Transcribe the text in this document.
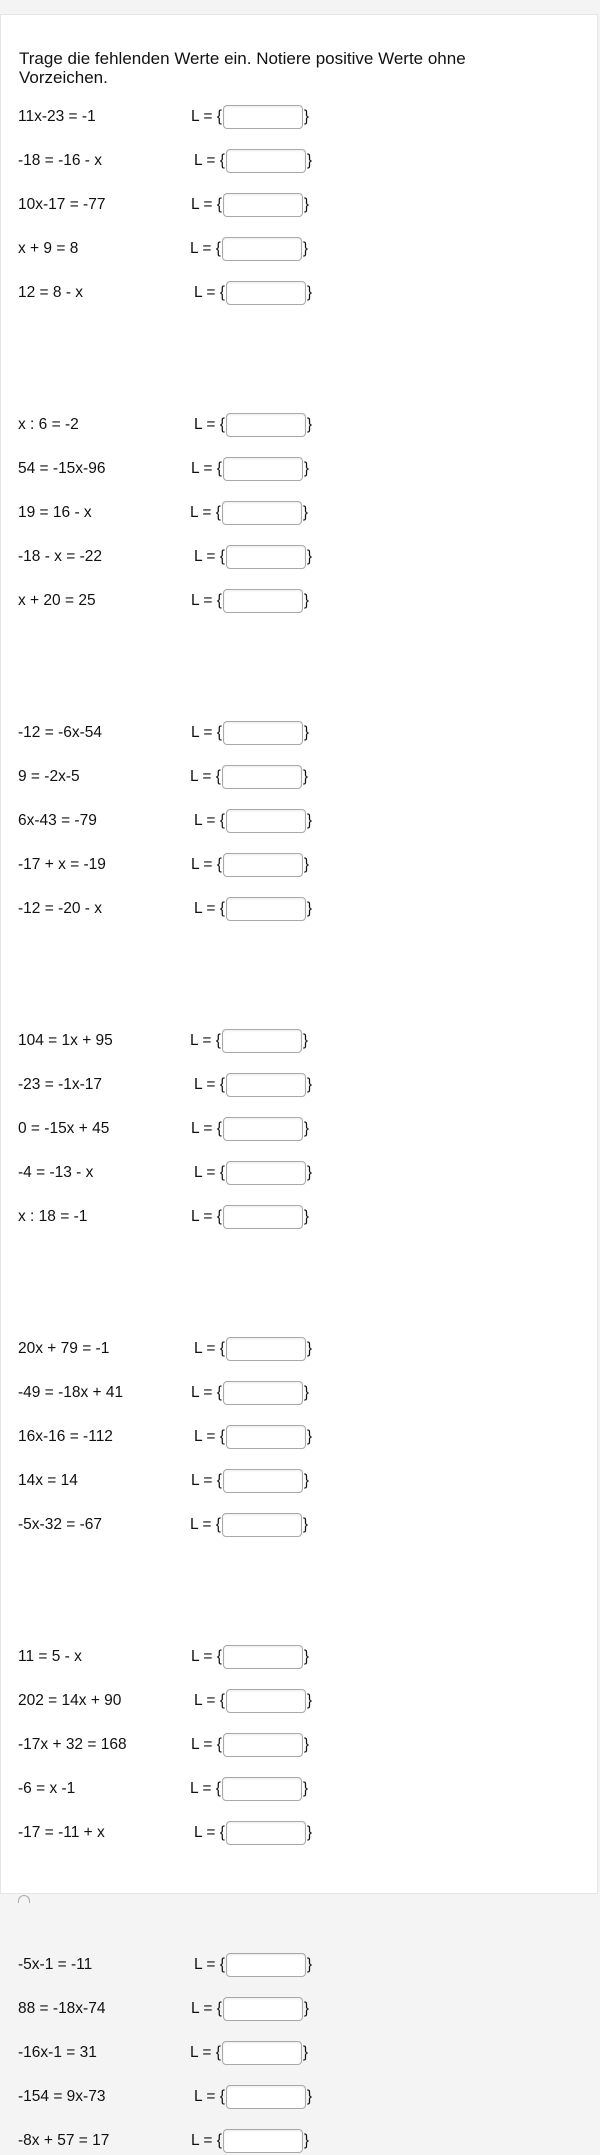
Trage die fehlenden Werte ein. Notiere positive Werte ohne Vorzeichen.
11x-23 = -1	L = {	}
-18 = -16 - x	L = {	}
10x-17 = -77	L = {	}
x + 9 = 8	L = {	}
12 = 8 - x	L = {	}
x : 6 = -2	L = {	}
54 = -15x-96	L = {	}
19 = 16 - x	L = {	}
-18 - x = -22	L = {	}
x + 20 = 25	L = {	}
-12 = -6x-54	L = {	}
9 = -2x-5	L = {	}
6x-43 = -79	L = {	}
-17 + x = -19	L = {	}
-12 = -20 - x	L = {	}
104 = 1x + 95	L = {	}
-23 = -1x-17	L = {	}
0 = -15x + 45	L = {	}
-4 = -13 - x	L = {	}
x : 18 = -1	L = {	}
20x + 79 = -1	L = {	}
-49 = -18x + 41	L = {	}
16x-16 = -112	L = {	}
14x = 14	L = {	}
-5x-32 = -67	L = {	}
11 = 5 - x	L = {	}
202 = 14x + 90	L = {	}
-17x + 32 = 168	L = {	}
-6 = x -1	L = {	}
-17 = -11 + x	L = {	}
-5x-1 = -11	L = {	}
88 = -18x-74	L = {	}
-16x-1 = 31	L = {	}
-154 = 9x-73	L = {	}
-8x + 57 = 17	L = {	}
